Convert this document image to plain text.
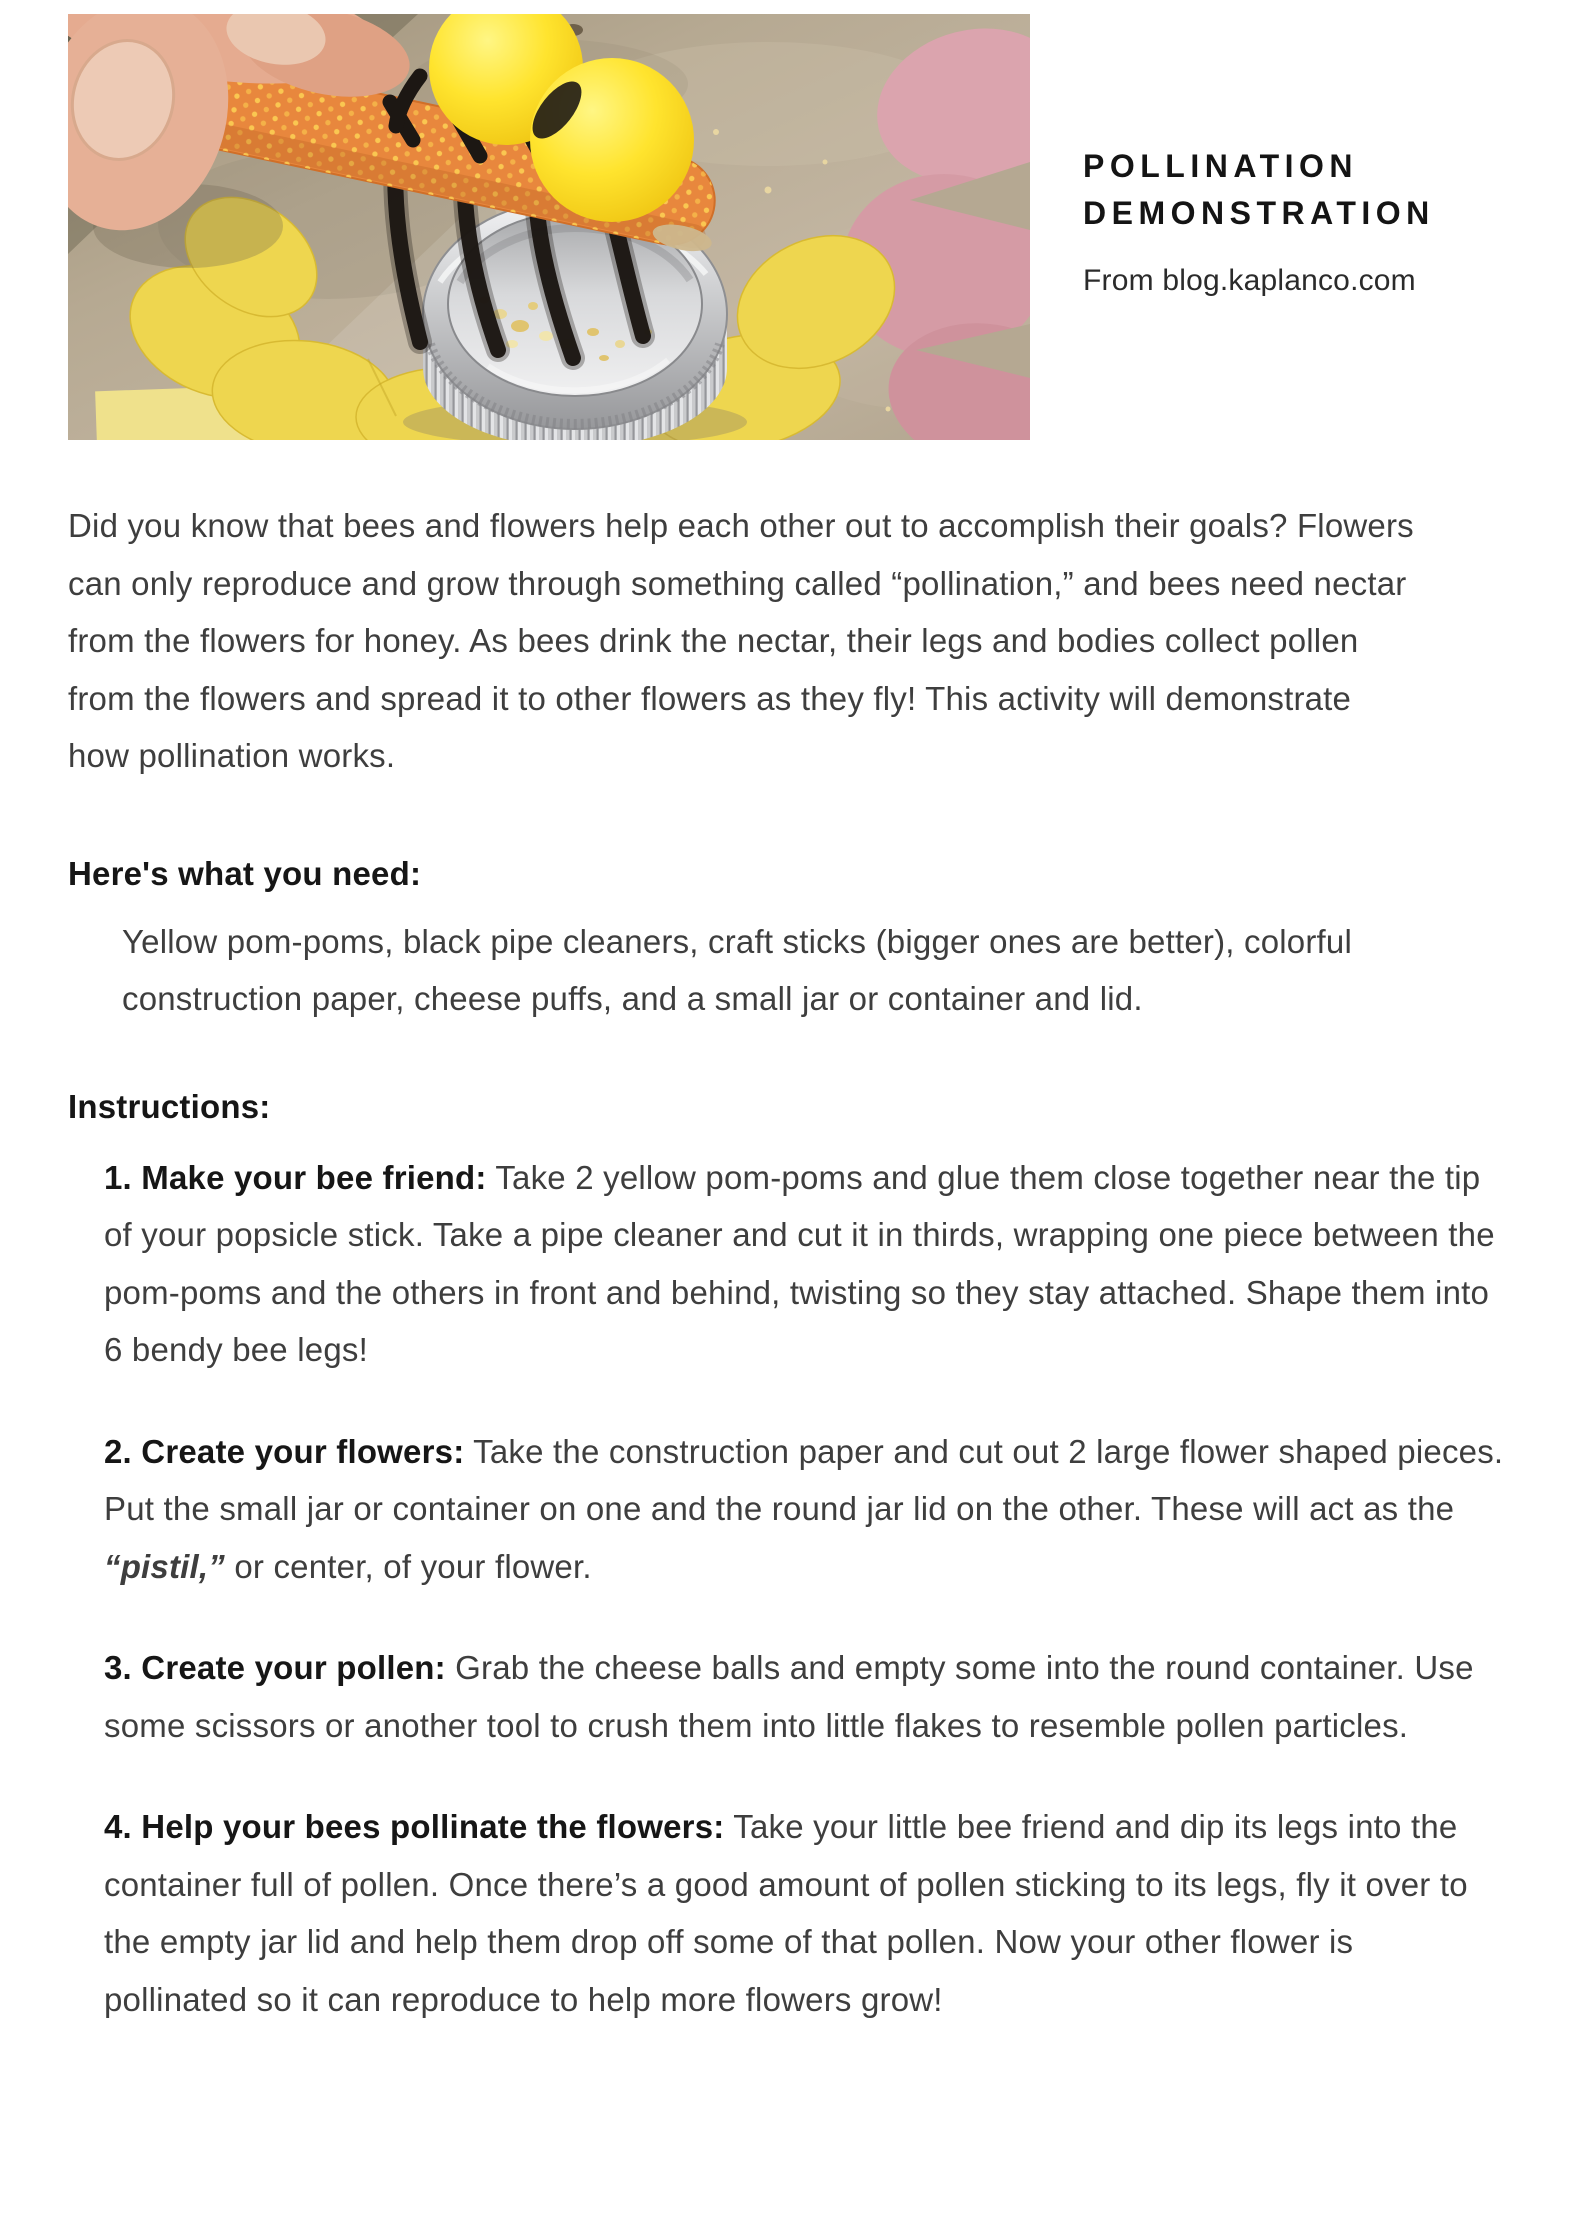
POLLINATION
DEMONSTRATION
From blog.kaplanco.com

Did you know that bees and flowers help each other out to accomplish their goals? Flowers can only reproduce and grow through something called “pollination,” and bees need nectar from the flowers for honey. As bees drink the nectar, their legs and bodies collect pollen from the flowers and spread it to other flowers as they fly! This activity will demonstrate how pollination works.

Here's what you need:

Yellow pom-poms, black pipe cleaners, craft sticks (bigger ones are better), colorful construction paper, cheese puffs, and a small jar or container and lid.

Instructions:

1. Make your bee friend: Take 2 yellow pom-poms and glue them close together near the tip of your popsicle stick. Take a pipe cleaner and cut it in thirds, wrapping one piece between the pom-poms and the others in front and behind, twisting so they stay attached. Shape them into 6 bendy bee legs!

2. Create your flowers: Take the construction paper and cut out 2 large flower shaped pieces. Put the small jar or container on one and the round jar lid on the other. These will act as the “pistil,” or center, of your flower.

3. Create your pollen: Grab the cheese balls and empty some into the round container. Use some scissors or another tool to crush them into little flakes to resemble pollen particles.

4. Help your bees pollinate the flowers: Take your little bee friend and dip its legs into the container full of pollen. Once there’s a good amount of pollen sticking to its legs, fly it over to the empty jar lid and help them drop off some of that pollen. Now your other flower is pollinated so it can reproduce to help more flowers grow!
